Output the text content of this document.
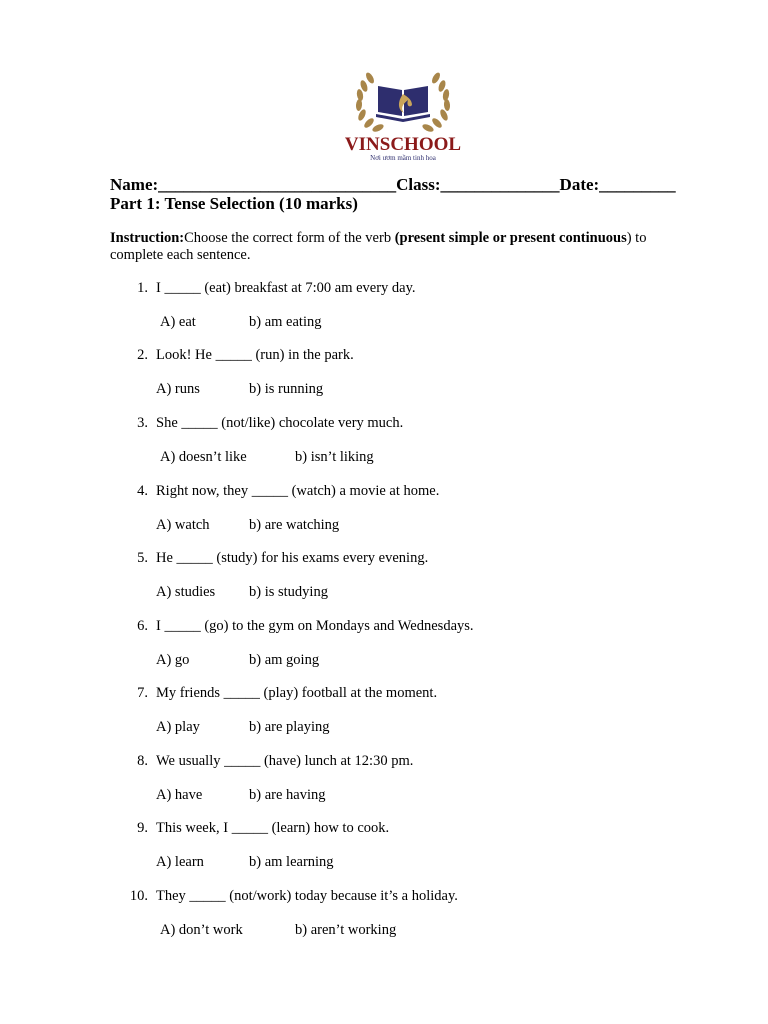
VINSCHOOL
Nơi ươm mầm tinh hoa
Name:____________________________Class:______________Date:_________
Part 1: Tense Selection (10 marks)
Instruction:Choose the correct form of the verb (present simple or present continuous) to complete each sentence.
1. I _____ (eat) breakfast at 7:00 am every day.
A) eat	b) am eating
2. Look! He _____ (run) in the park.
A) runs	b) is running
3. She _____ (not/like) chocolate very much.
A) doesn’t like	b) isn’t liking
4. Right now, they _____ (watch) a movie at home.
A) watch	b) are watching
5. He _____ (study) for his exams every evening.
A) studies b) is studying
6. I _____ (go) to the gym on Mondays and Wednesdays.
A) go	b) am going
7. My friends _____ (play) football at the moment.
A) play	b) are playing
8. We usually _____ (have) lunch at 12:30 pm.
A) have	b) are having
9. This week, I _____ (learn) how to cook.
A) learn	b) am learning
10. They _____ (not/work) today because it’s a holiday.
A) don’t work	b) aren’t working
